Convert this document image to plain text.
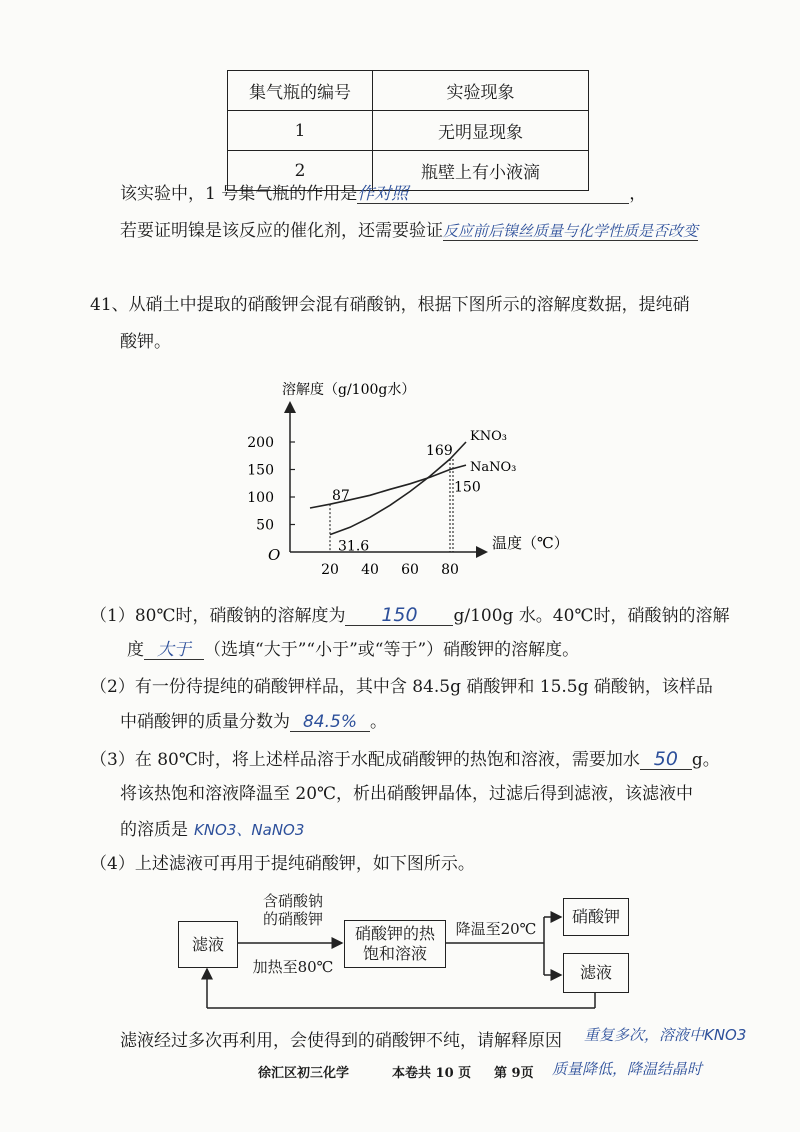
集气瓶的编号	实验现象
1	无明显现象
2	瓶壁上有小液滴
该实验中，1 号集气瓶的作用是作对照	，
若要证明镍是该反应的催化剂，还需要验证反应前后镍丝质量与化学性质是否改变
41、从硝土中提取的硝酸钾会混有硝酸钠，根据下图所示的溶解度数据，提纯硝
酸钾。
溶解度（g/100g水）
温度（℃）
O
20 40 60 80
50
100
150
200	KNO₃
NaNO₃
87
31.6
169
150
（1）80℃时，硝酸钠的溶解度为 150 g/100g 水。40℃时，硝酸钠的溶解
度 大于 （选填“大于”“小于”或“等于”）硝酸钾的溶解度。
（2）有一份待提纯的硝酸钾样品，其中含 84.5g 硝酸钾和 15.5g 硝酸钠，该样品
中硝酸钾的质量分数为 84.5% 。
（3）在 80℃时，将上述样品溶于水配成硝酸钾的热饱和溶液，需要加水 50 g。
将该热饱和溶液降温至 20℃，析出硝酸钾晶体，过滤后得到滤液，该滤液中
的溶质是 KNO3、NaNO3
（4）上述滤液可再用于提纯硝酸钾，如下图所示。
滤液
含硝酸钠
的硝酸钾
加热至80℃
硝酸钾的热
饱和溶液
降温至20℃
硝酸钾
滤液
滤液经过多次再利用，会使得到的硝酸钾不纯，请解释原因 重复多次，溶液中KNO3
质量降低，降温结晶时
徐汇区初三化学	本卷共 10 页 第 9页
